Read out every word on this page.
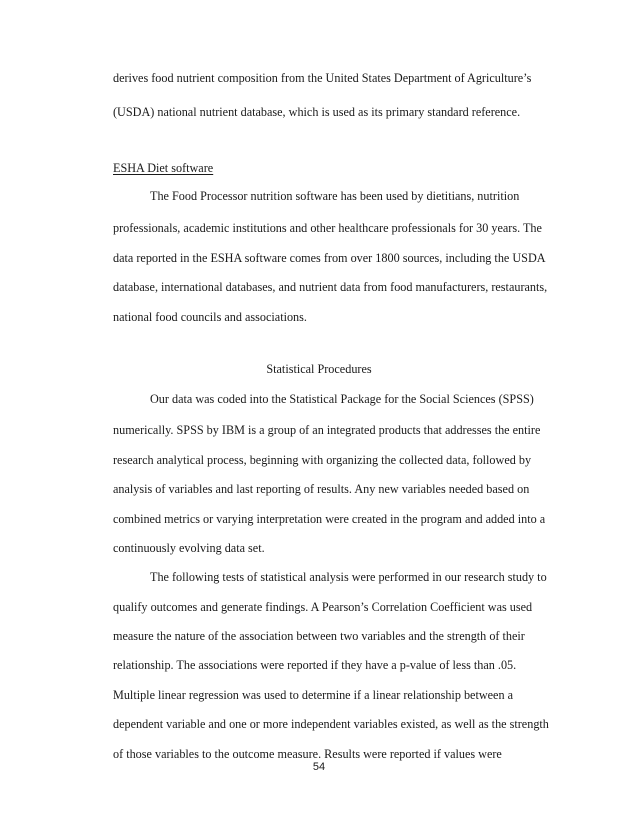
derives food nutrient composition from the United States Department of Agriculture’s
(USDA) national nutrient database, which is used as its primary standard reference.
ESHA Diet software
The Food Processor nutrition software has been used by dietitians, nutrition
professionals, academic institutions and other healthcare professionals for 30 years. The
data reported in the ESHA software comes from over 1800 sources, including the USDA
database, international databases, and nutrient data from food manufacturers, restaurants,
national food councils and associations.
Statistical Procedures
Our data was coded into the Statistical Package for the Social Sciences (SPSS)
numerically. SPSS by IBM is a group of an integrated products that addresses the entire
research analytical process, beginning with organizing the collected data, followed by
analysis of variables and last reporting of results. Any new variables needed based on
combined metrics or varying interpretation were created in the program and added into a
continuously evolving data set.
The following tests of statistical analysis were performed in our research study to
qualify outcomes and generate findings. A Pearson’s Correlation Coefficient was used
measure the nature of the association between two variables and the strength of their
relationship. The associations were reported if they have a p-value of less than .05.
Multiple linear regression was used to determine if a linear relationship between a
dependent variable and one or more independent variables existed, as well as the strength
of those variables to the outcome measure. Results were reported if values were
54
